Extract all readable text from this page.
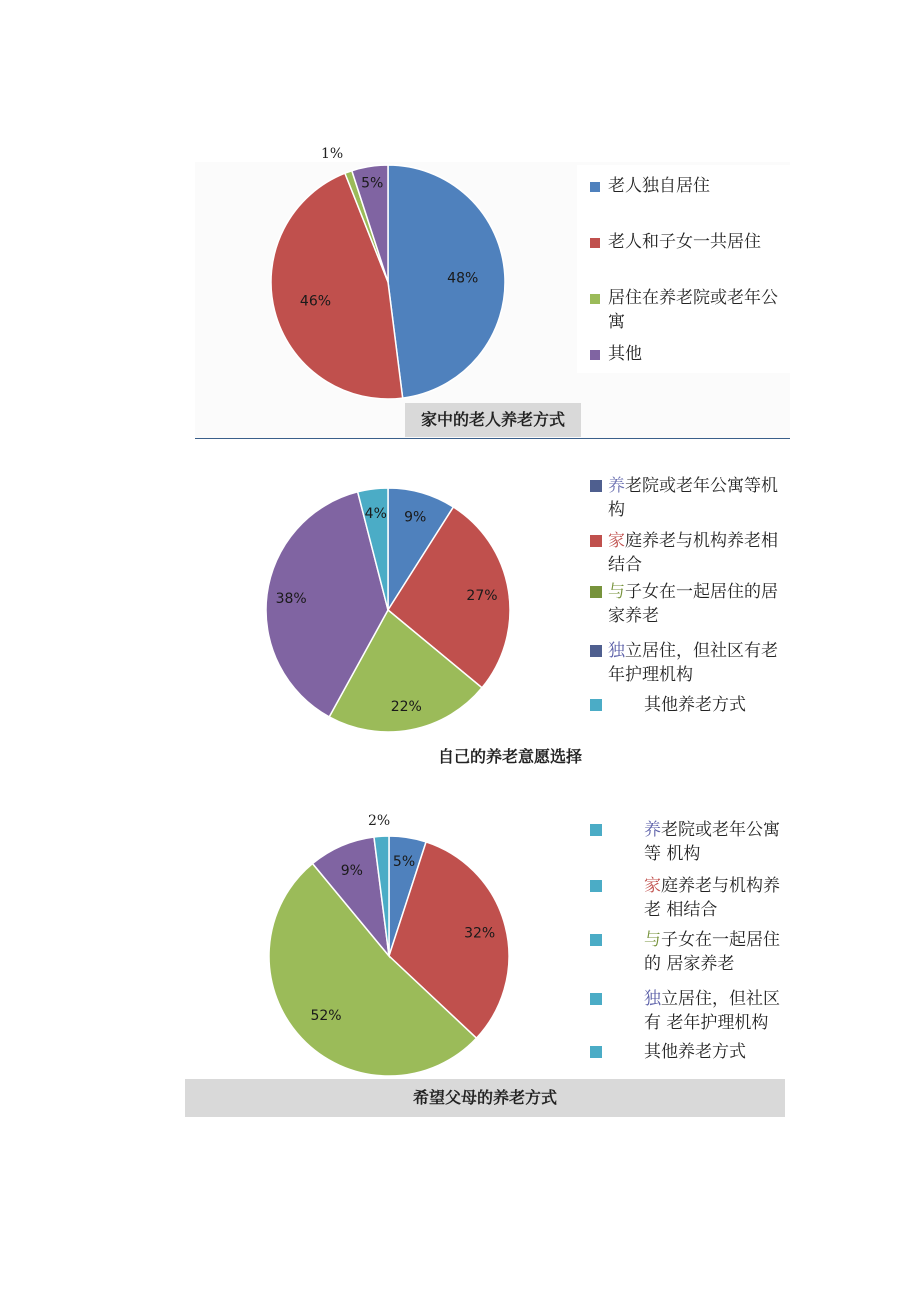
48%
46%
5%
1%
老人独自居住
老人和子女一共居住
居住在养老院或老年公寓
其他
家中的老人养老方式
9%
27%
22%
38%
4%
养老院或老年公寓等机构
家庭养老与机构养老相结合
与子女在一起居住的居家养老
独立居住，但社区有老年护理机构
其他养老方式
自己的养老意愿选择
5%
32%
52%
9%
2%	养老院或老年公寓等 机构
家庭养老与机构养老 相结合
与子女在一起居住的 居家养老
独立居住，但社区有 老年护理机构
其他养老方式
希望父母的养老方式
